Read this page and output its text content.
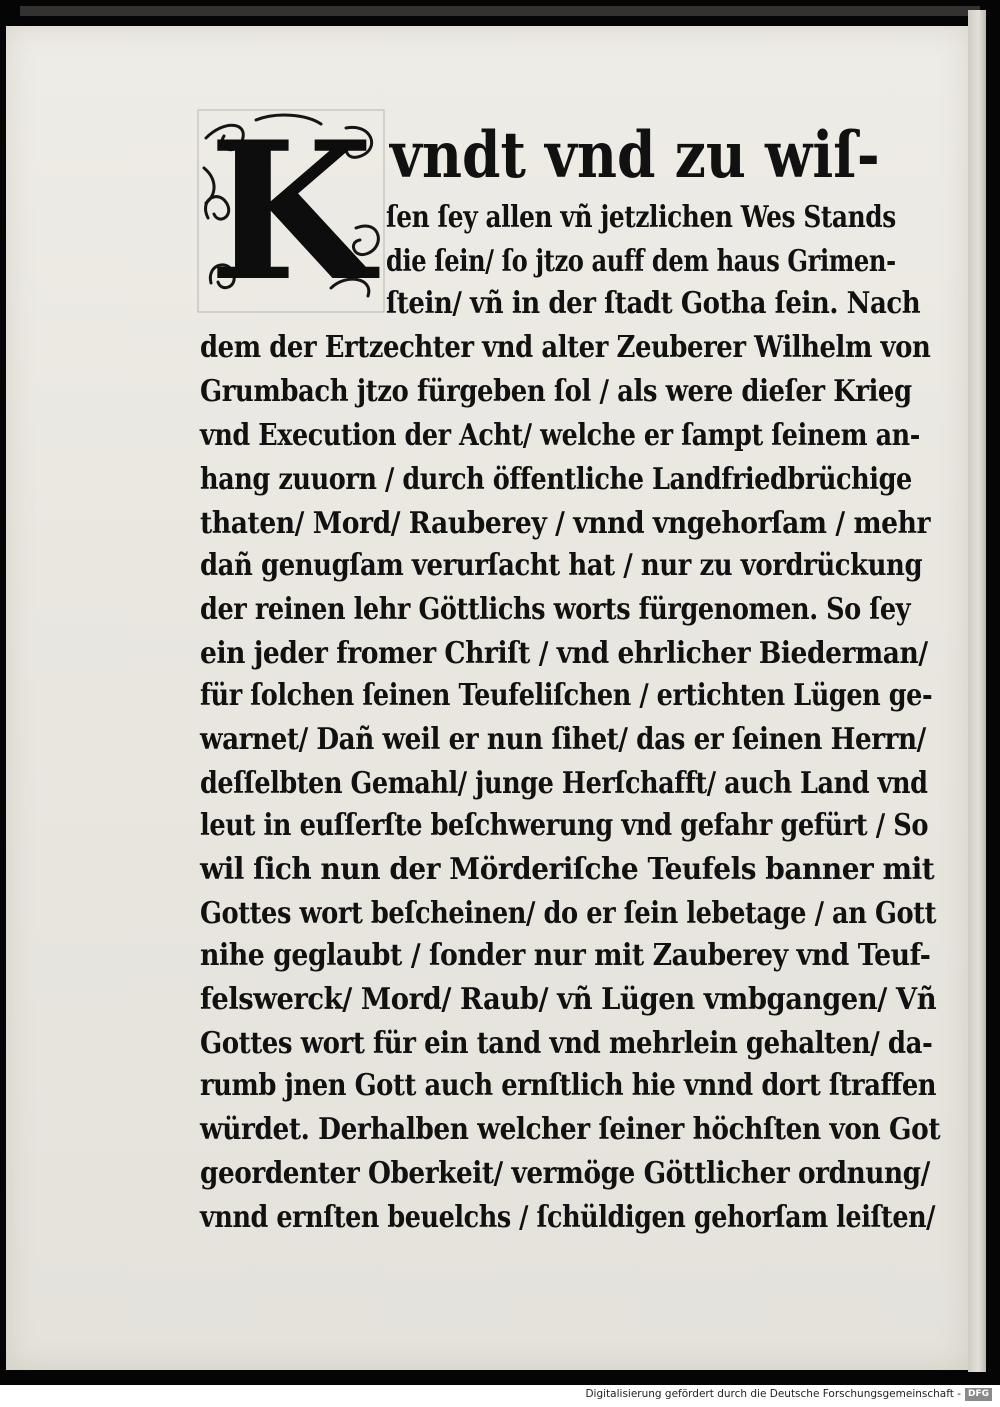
K vndt vnd zu wiſ-
ſen ſey allen vñ jetzlichen Wes Stands
die ſein/ ſo jtzo auff dem haus Grimen-
ſtein/ vñ in der ſtadt Gotha ſein. Nach
dem der Ertzechter vnd alter Zeuberer Wilhelm von
Grumbach jtzo fürgeben ſol / als were dieſer Krieg
vnd Execution der Acht/ welche er ſampt ſeinem an-
hang zuuorn / durch öffentliche Landfriedbrüchige
thaten/ Mord/ Rauberey / vnnd vngehorſam / mehr
dañ genugſam verurſacht hat / nur zu vordrückung
der reinen lehr Göttlichs worts fürgenomen. So ſey
ein jeder fromer Chriſt / vnd ehrlicher Biederman/
für ſolchen ſeinen Teufeliſchen / ertichten Lügen ge-
warnet/ Dañ weil er nun ſihet/ das er ſeinen Herrn/
deſſelbten Gemahl/ junge Herſchafft/ auch Land vnd
leut in euſſerſte beſchwerung vnd gefahr gefürt / So
wil ſich nun der Mörderiſche Teufels banner mit
Gottes wort beſcheinen/ do er ſein lebetage / an Gott
nihe geglaubt / ſonder nur mit Zauberey vnd Teuf-
felswerck/ Mord/ Raub/ vñ Lügen vmbgangen/ Vñ
Gottes wort für ein tand vnd mehrlein gehalten/ da-
rumb jnen Gott auch ernſtlich hie vnnd dort ſtraffen
würdet. Derhalben welcher ſeiner höchſten von Got
geordenter Oberkeit/ vermöge Göttlicher ordnung/
vnnd ernſten beuelchs / ſchüldigen gehorſam leiſten/
Digitalisierung gefördert durch die Deutsche Forschungsgemeinschaft - DFG
